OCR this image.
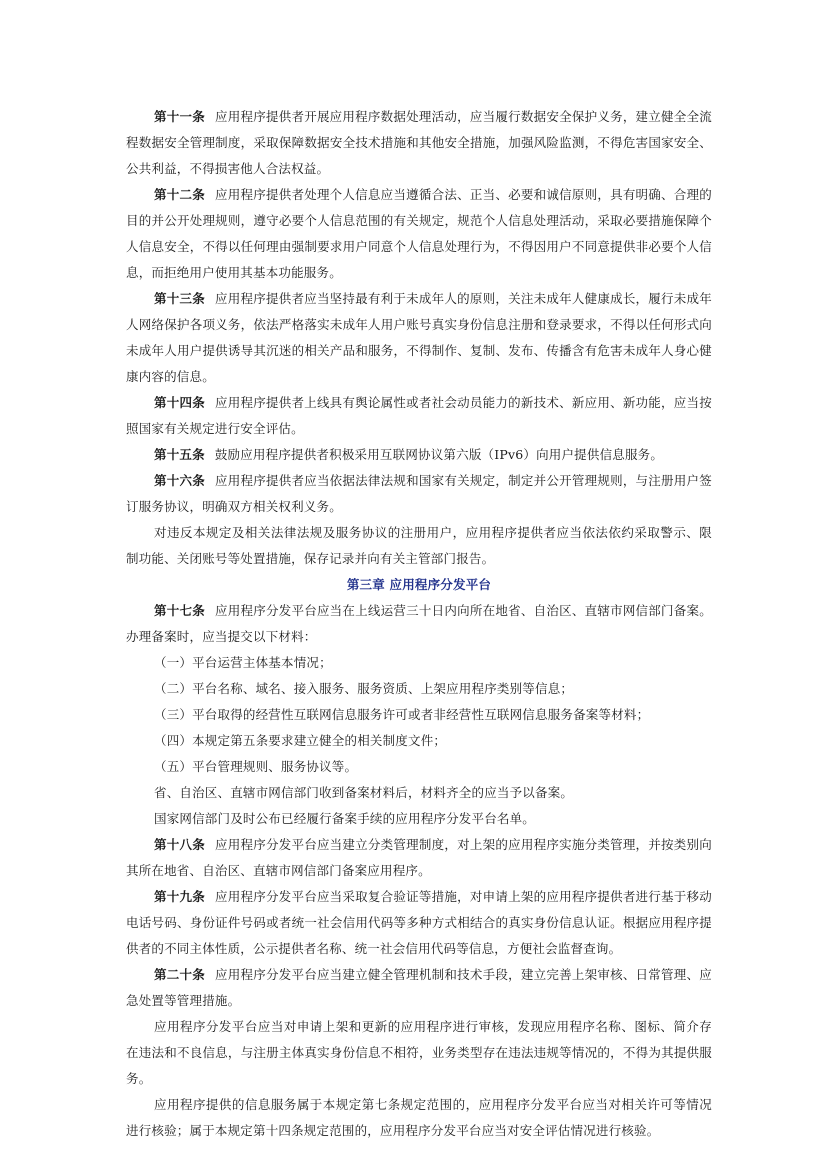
第十一条 应用程序提供者开展应用程序数据处理活动，应当履行数据安全保护义务，建立健全全流程数据安全管理制度，采取保障数据安全技术措施和其他安全措施，加强风险监测，不得危害国家安全、公共利益，不得损害他人合法权益。

第十二条 应用程序提供者处理个人信息应当遵循合法、正当、必要和诚信原则，具有明确、合理的目的并公开处理规则，遵守必要个人信息范围的有关规定，规范个人信息处理活动，采取必要措施保障个人信息安全，不得以任何理由强制要求用户同意个人信息处理行为，不得因用户不同意提供非必要个人信息，而拒绝用户使用其基本功能服务。

第十三条 应用程序提供者应当坚持最有利于未成年人的原则，关注未成年人健康成长，履行未成年人网络保护各项义务，依法严格落实未成年人用户账号真实身份信息注册和登录要求，不得以任何形式向未成年人用户提供诱导其沉迷的相关产品和服务，不得制作、复制、发布、传播含有危害未成年人身心健康内容的信息。

第十四条 应用程序提供者上线具有舆论属性或者社会动员能力的新技术、新应用、新功能，应当按照国家有关规定进行安全评估。

第十五条 鼓励应用程序提供者积极采用互联网协议第六版（IPv6）向用户提供信息服务。

第十六条 应用程序提供者应当依据法律法规和国家有关规定，制定并公开管理规则，与注册用户签订服务协议，明确双方相关权利义务。

对违反本规定及相关法律法规及服务协议的注册用户，应用程序提供者应当依法依约采取警示、限制功能、关闭账号等处置措施，保存记录并向有关主管部门报告。

第三章 应用程序分发平台

第十七条 应用程序分发平台应当在上线运营三十日内向所在地省、自治区、直辖市网信部门备案。办理备案时，应当提交以下材料：

（一）平台运营主体基本情况；

（二）平台名称、域名、接入服务、服务资质、上架应用程序类别等信息；

（三）平台取得的经营性互联网信息服务许可或者非经营性互联网信息服务备案等材料；

（四）本规定第五条要求建立健全的相关制度文件；

（五）平台管理规则、服务协议等。

省、自治区、直辖市网信部门收到备案材料后，材料齐全的应当予以备案。

国家网信部门及时公布已经履行备案手续的应用程序分发平台名单。

第十八条 应用程序分发平台应当建立分类管理制度，对上架的应用程序实施分类管理，并按类别向其所在地省、自治区、直辖市网信部门备案应用程序。

第十九条 应用程序分发平台应当采取复合验证等措施，对申请上架的应用程序提供者进行基于移动电话号码、身份证件号码或者统一社会信用代码等多种方式相结合的真实身份信息认证。根据应用程序提供者的不同主体性质，公示提供者名称、统一社会信用代码等信息，方便社会监督查询。

第二十条 应用程序分发平台应当建立健全管理机制和技术手段，建立完善上架审核、日常管理、应急处置等管理措施。

应用程序分发平台应当对申请上架和更新的应用程序进行审核，发现应用程序名称、图标、简介存在违法和不良信息，与注册主体真实身份信息不相符，业务类型存在违法违规等情况的，不得为其提供服务。

应用程序提供的信息服务属于本规定第七条规定范围的，应用程序分发平台应当对相关许可等情况进行核验；属于本规定第十四条规定范围的，应用程序分发平台应当对安全评估情况进行核验。
